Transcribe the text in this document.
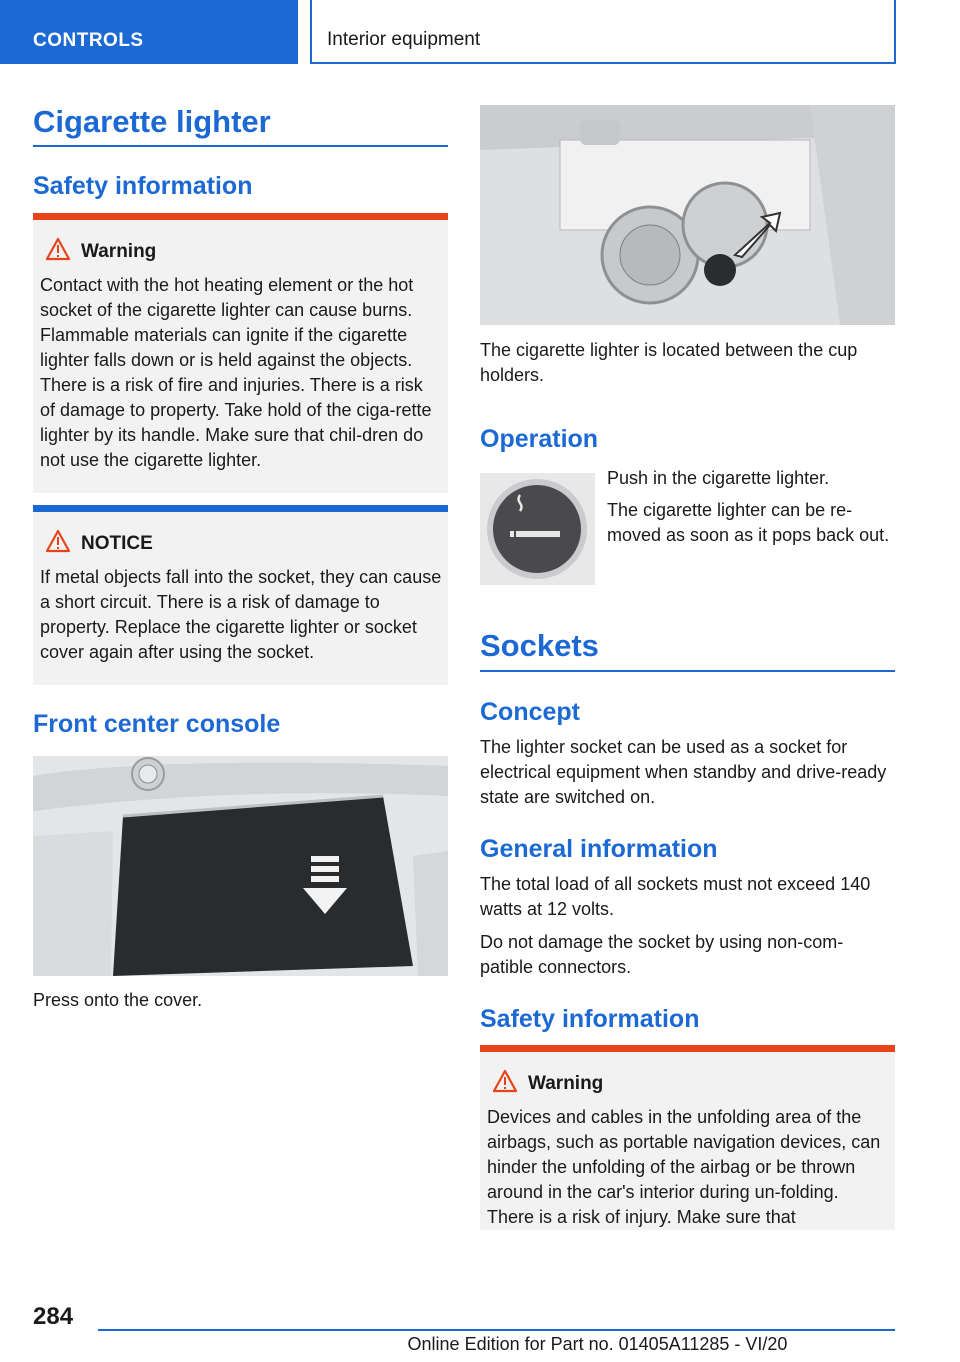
CONTROLS	Interior equipment
Cigarette lighter
Safety information
Warning
Contact with the hot heating element or the hot socket of the cigarette lighter can cause burns. Flammable materials can ignite if the cigarette lighter falls down or is held against the objects. There is a risk of fire and injuries. There is a risk of damage to property. Take hold of the ciga‐rette lighter by its handle. Make sure that chil‐dren do not use the cigarette lighter.
NOTICE
If metal objects fall into the socket, they can cause a short circuit. There is a risk of damage to property. Replace the cigarette lighter or socket cover again after using the socket.
Front center console
Press onto the cover.
The cigarette lighter is located between the cup holders.
Operation
Push in the cigarette lighter.
The cigarette lighter can be re‐moved as soon as it pops back out.
Sockets
Concept
The lighter socket can be used as a socket for electrical equipment when standby and drive‐ready state are switched on.
General information
The total load of all sockets must not exceed 140 watts at 12 volts.
Do not damage the socket by using non-com‐patible connectors.
Safety information
Warning
Devices and cables in the unfolding area of the airbags, such as portable navigation devices, can hinder the unfolding of the airbag or be thrown around in the car's interior during un‐folding. There is a risk of injury. Make sure that
284
Online Edition for Part no. 01405A11285 - VI/20
